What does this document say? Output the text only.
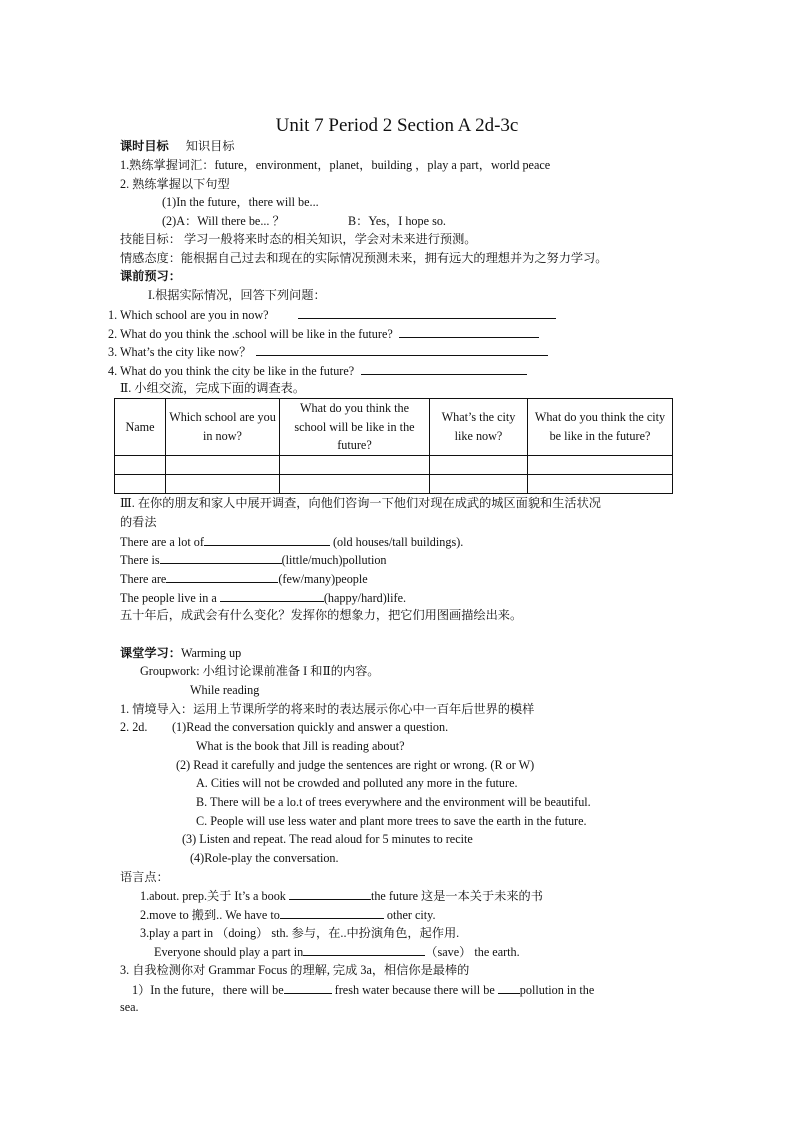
Unit 7 Period 2 Section A 2d-3c
课时目标 知识目标
1.熟练掌握词汇：future，environment，planet，building ，play a part，world peace
2. 熟练掌握以下句型
(1)In the future，there will be...
(2)A：Will there be... ？	B：Yes，I hope so.
技能目标： 学习一般将来时态的相关知识，学会对未来进行预测。
情感态度：能根据自己过去和现在的实际情况预测未来，拥有远大的理想并为之努力学习。
课前预习：
I.根据实际情况，回答下列问题：
1. Which school are you in now?
2. What do you think the .school will be like in the future?
3. What’s the city like now？
4. What do you think the city be like in the future?
Ⅱ. 小组交流，完成下面的调查表。
Name	Which school are you in now?	What do you think the school will be like in the future?	What’s the city like now?	What do you think the city be like in the future?

Ⅲ. 在你的朋友和家人中展开调查，向他们咨询一下他们对现在成武的城区面貌和生活状况
的看法
There are a lot of	(old houses/tall buildings).
There is	(little/much)pollution
There are	(few/many)people
The people live in a	(happy/hard)life.
五十年后，成武会有什么变化？发挥你的想象力，把它们用图画描绘出来。
课堂学习：Warming up
Groupwork: 小组讨论课前准备 I 和Ⅱ的内容。
While reading
1. 情境导入：运用上节课所学的将来时的表达展示你心中一百年后世界的模样
2. 2d. (1)Read the conversation quickly and answer a question.
What is the book that Jill is reading about?
(2) Read it carefully and judge the sentences are right or wrong. (R or W)
A. Cities will not be crowded and polluted any more in the future.
B. There will be a lo.t of trees everywhere and the environment will be beautiful.
C. People will use less water and plant more trees to save the earth in the future.
(3) Listen and repeat. The read aloud for 5 minutes to recite
(4)Role-play the conversation.
语言点：
1.about. prep.关于 It’s a book	the future 这是一本关于未来的书
2.move to 搬到.. We have to	other city.
3.play a part in （doing） sth. 参与，在..中扮演角色，起作用.
Everyone should play a part in	（save） the earth.
3. 自我检测你对 Grammar Focus 的理解, 完成 3a，相信你是最棒的
1）In the future，there will be	fresh water because there will be pollution in the
sea.
